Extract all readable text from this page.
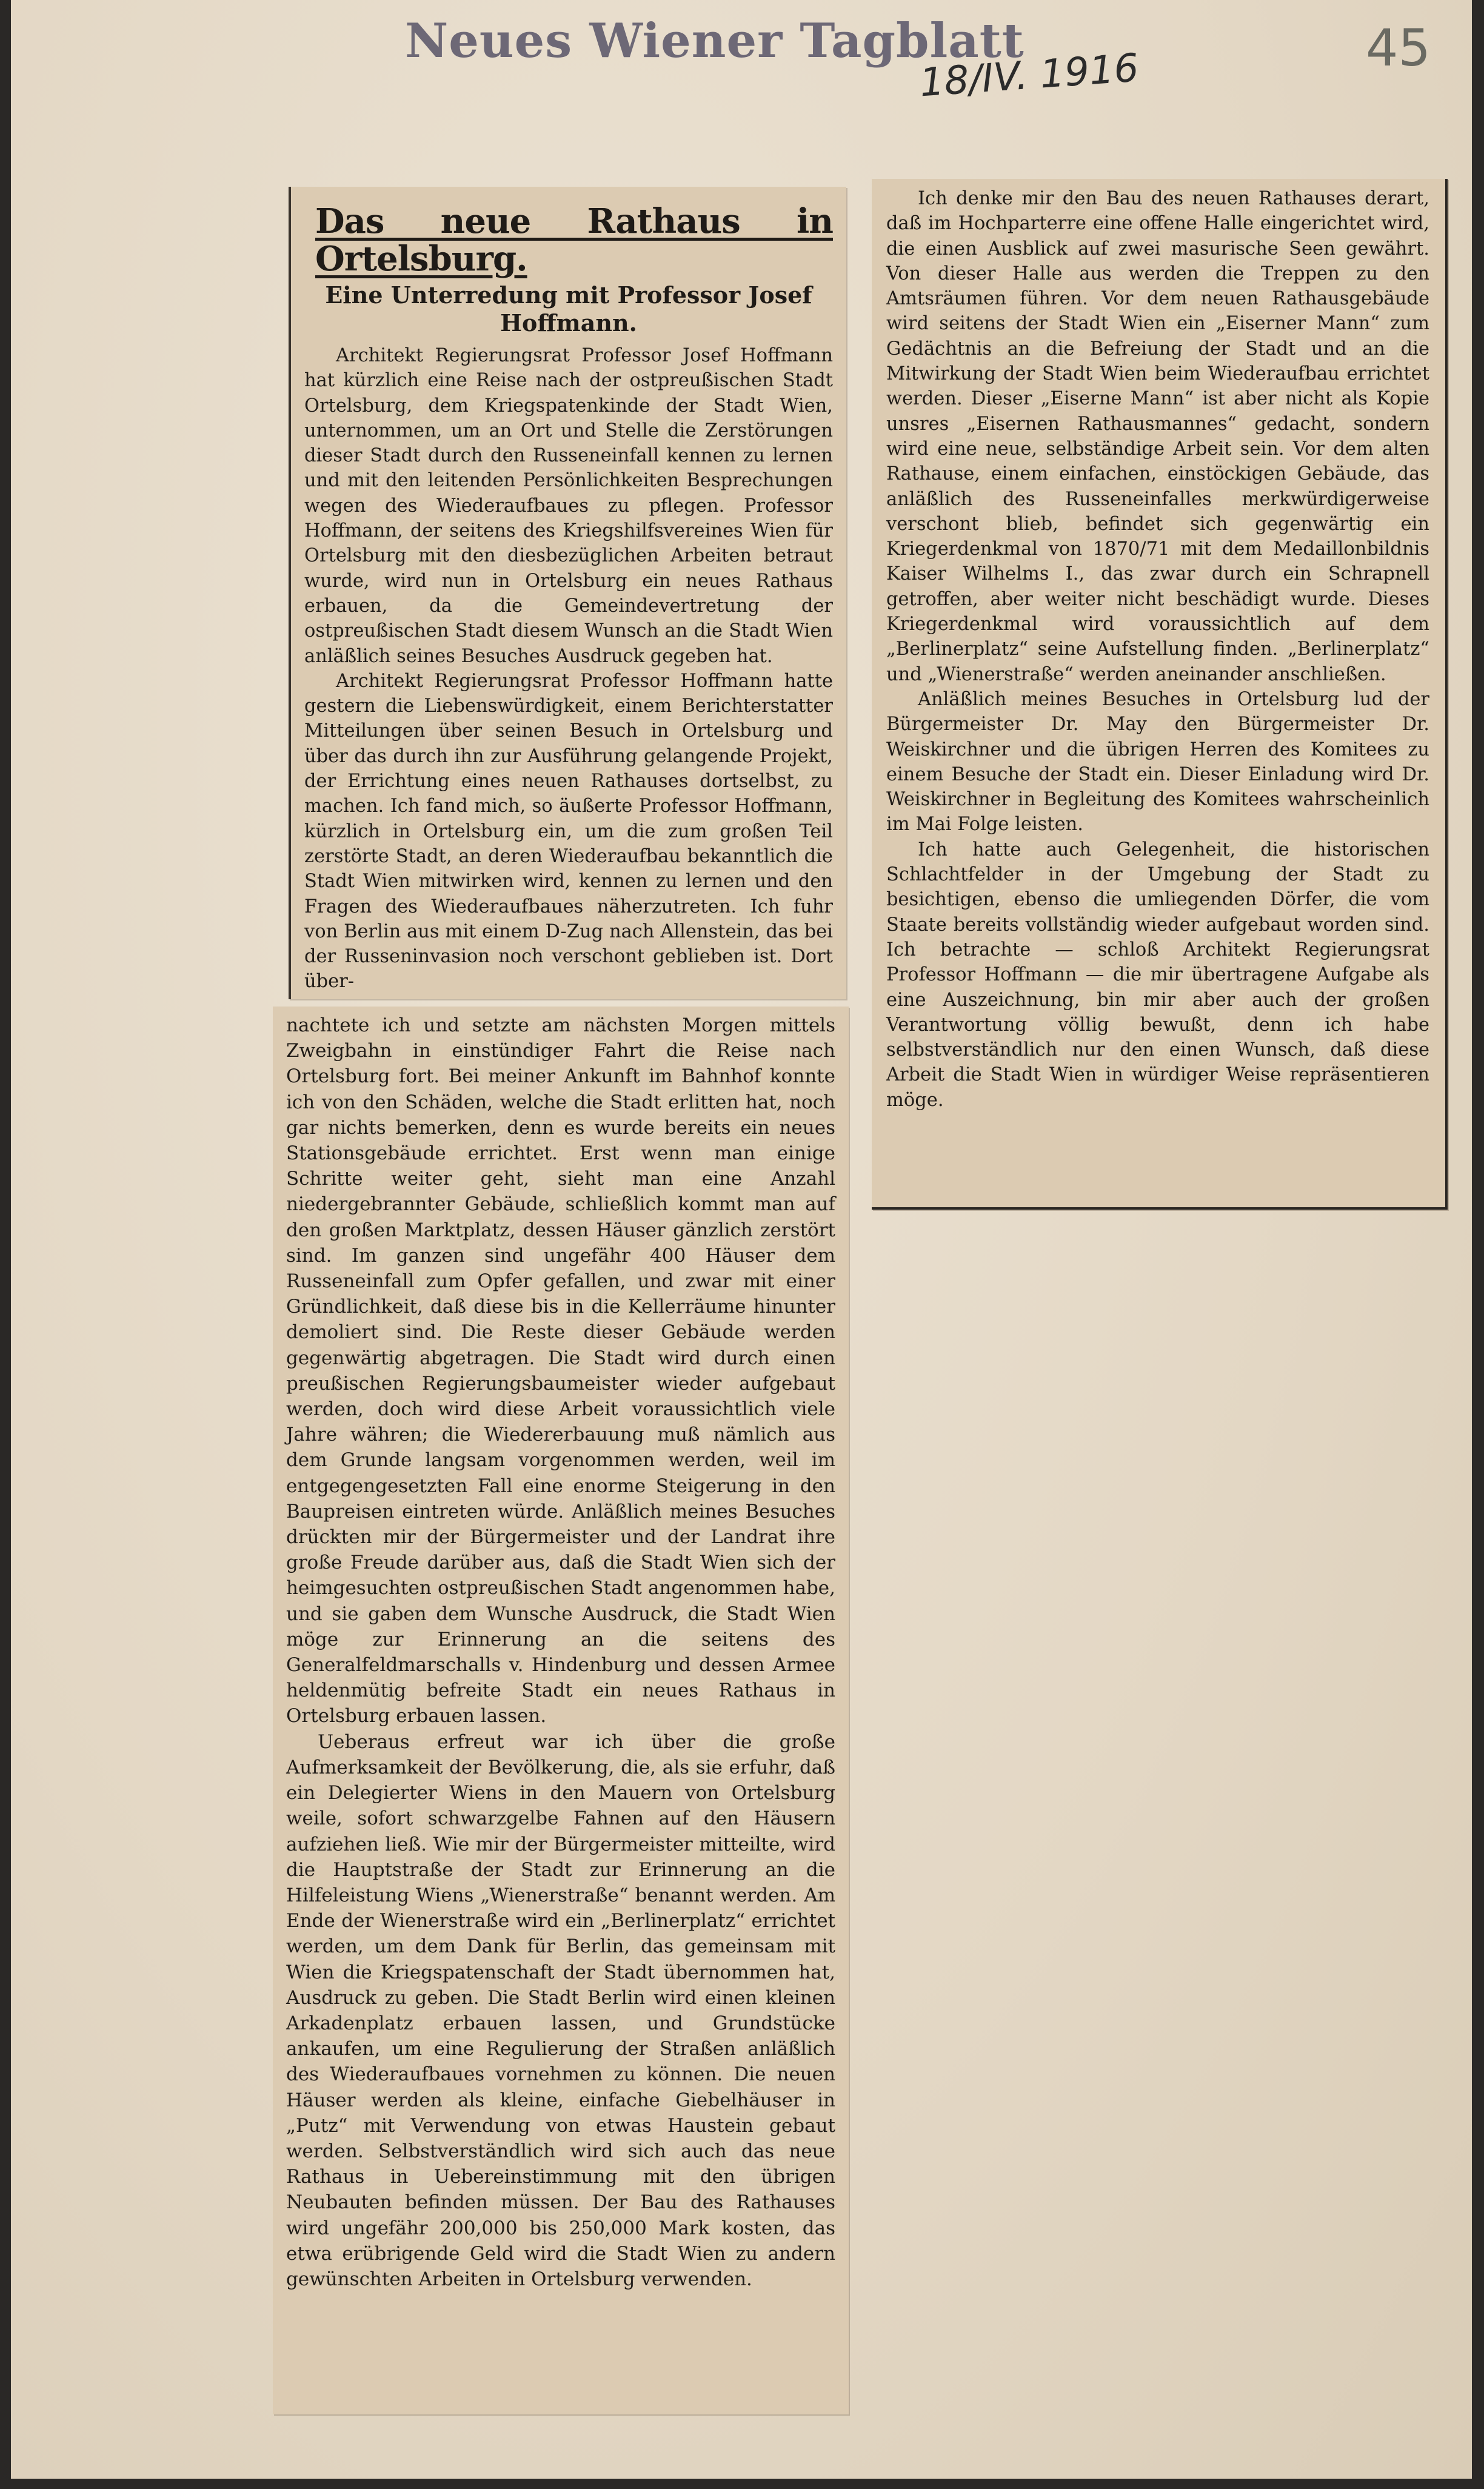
Neues Wiener Tagblatt
18/IV. 1916	45
Das neue Rathaus in Ortelsburg.
Eine Unterredung mit Professor Josef Hoffmann.

Architekt Regierungsrat Professor Josef Hoffmann hat kürzlich eine Reise nach der ostpreußischen Stadt Ortelsburg, dem Kriegspatenkinde der Stadt Wien, unternommen, um an Ort und Stelle die Zerstörungen dieser Stadt durch den Russeneinfall kennen zu lernen und mit den leitenden Persönlichkeiten Besprechungen wegen des Wiederaufbaues zu pflegen. Professor Hoffmann, der seitens des Kriegshilfsvereines Wien für Ortelsburg mit den diesbezüglichen Arbeiten betraut wurde, wird nun in Ortelsburg ein neues Rathaus erbauen, da die Gemeindevertretung der ostpreußischen Stadt diesem Wunsch an die Stadt Wien anläßlich seines Besuches Ausdruck gegeben hat.

Architekt Regierungsrat Professor Hoffmann hatte gestern die Liebenswürdigkeit, einem Berichterstatter Mitteilungen über seinen Besuch in Ortelsburg und über das durch ihn zur Ausführung gelangende Projekt, der Errichtung eines neuen Rathauses dortselbst, zu machen. Ich fand mich, so äußerte Professor Hoffmann, kürzlich in Ortelsburg ein, um die zum großen Teil zerstörte Stadt, an deren Wiederaufbau bekanntlich die Stadt Wien mitwirken wird, kennen zu lernen und den Fragen des Wiederaufbaues näherzutreten. Ich fuhr von Berlin aus mit einem D-Zug nach Allenstein, das bei der Russeninvasion noch verschont geblieben ist. Dort über-

nachtete ich und setzte am nächsten Morgen mittels Zweigbahn in einstündiger Fahrt die Reise nach Ortelsburg fort. Bei meiner Ankunft im Bahnhof konnte ich von den Schäden, welche die Stadt erlitten hat, noch gar nichts bemerken, denn es wurde bereits ein neues Stationsgebäude errichtet. Erst wenn man einige Schritte weiter geht, sieht man eine Anzahl niedergebrannter Gebäude, schließlich kommt man auf den großen Marktplatz, dessen Häuser gänzlich zerstört sind. Im ganzen sind ungefähr 400 Häuser dem Russeneinfall zum Opfer gefallen, und zwar mit einer Gründlichkeit, daß diese bis in die Kellerräume hinunter demoliert sind. Die Reste dieser Gebäude werden gegenwärtig abgetragen. Die Stadt wird durch einen preußischen Regierungsbaumeister wieder aufgebaut werden, doch wird diese Arbeit voraussichtlich viele Jahre währen; die Wiedererbauung muß nämlich aus dem Grunde langsam vorgenommen werden, weil im entgegengesetzten Fall eine enorme Steigerung in den Baupreisen eintreten würde. Anläßlich meines Besuches drückten mir der Bürgermeister und der Landrat ihre große Freude darüber aus, daß die Stadt Wien sich der heimgesuchten ostpreußischen Stadt angenommen habe, und sie gaben dem Wunsche Ausdruck, die Stadt Wien möge zur Erinnerung an die seitens des Generalfeldmarschalls v. Hindenburg und dessen Armee heldenmütig befreite Stadt ein neues Rathaus in Ortelsburg erbauen lassen.

Ueberaus erfreut war ich über die große Aufmerksamkeit der Bevölkerung, die, als sie erfuhr, daß ein Delegierter Wiens in den Mauern von Ortelsburg weile, sofort schwarzgelbe Fahnen auf den Häusern aufziehen ließ. Wie mir der Bürgermeister mitteilte, wird die Hauptstraße der Stadt zur Erinnerung an die Hilfeleistung Wiens „Wienerstraße“ benannt werden. Am Ende der Wienerstraße wird ein „Berlinerplatz“ errichtet werden, um dem Dank für Berlin, das gemeinsam mit Wien die Kriegspatenschaft der Stadt übernommen hat, Ausdruck zu geben. Die Stadt Berlin wird einen kleinen Arkadenplatz erbauen lassen, und Grundstücke ankaufen, um eine Regulierung der Straßen anläßlich des Wiederaufbaues vornehmen zu können. Die neuen Häuser werden als kleine, einfache Giebelhäuser in „Putz“ mit Verwendung von etwas Haustein gebaut werden. Selbstverständlich wird sich auch das neue Rathaus in Uebereinstimmung mit den übrigen Neubauten befinden müssen. Der Bau des Rathauses wird ungefähr 200,000 bis 250,000 Mark kosten, das etwa erübrigende Geld wird die Stadt Wien zu andern gewünschten Arbeiten in Ortelsburg verwenden.

Ich denke mir den Bau des neuen Rathauses derart, daß im Hochparterre eine offene Halle eingerichtet wird, die einen Ausblick auf zwei masurische Seen gewährt. Von dieser Halle aus werden die Treppen zu den Amtsräumen führen. Vor dem neuen Rathausgebäude wird seitens der Stadt Wien ein „Eiserner Mann“ zum Gedächtnis an die Befreiung der Stadt und an die Mitwirkung der Stadt Wien beim Wiederaufbau errichtet werden. Dieser „Eiserne Mann“ ist aber nicht als Kopie unsres „Eisernen Rathausmannes“ gedacht, sondern wird eine neue, selbständige Arbeit sein. Vor dem alten Rathause, einem einfachen, einstöckigen Gebäude, das anläßlich des Russeneinfalles merkwürdigerweise verschont blieb, befindet sich gegenwärtig ein Kriegerdenkmal von 1870/71 mit dem Medaillonbildnis Kaiser Wilhelms I., das zwar durch ein Schrapnell getroffen, aber weiter nicht beschädigt wurde. Dieses Kriegerdenkmal wird voraussichtlich auf dem „Berlinerplatz“ seine Aufstellung finden. „Berlinerplatz“ und „Wienerstraße“ werden aneinander anschließen.

Anläßlich meines Besuches in Ortelsburg lud der Bürgermeister Dr. May den Bürgermeister Dr. Weiskirchner und die übrigen Herren des Komitees zu einem Besuche der Stadt ein. Dieser Einladung wird Dr. Weiskirchner in Begleitung des Komitees wahrscheinlich im Mai Folge leisten.

Ich hatte auch Gelegenheit, die historischen Schlachtfelder in der Umgebung der Stadt zu besichtigen, ebenso die umliegenden Dörfer, die vom Staate bereits vollständig wieder aufgebaut worden sind. Ich betrachte — schloß Architekt Regierungsrat Professor Hoffmann — die mir übertragene Aufgabe als eine Auszeichnung, bin mir aber auch der großen Verantwortung völlig bewußt, denn ich habe selbstverständlich nur den einen Wunsch, daß diese Arbeit die Stadt Wien in würdiger Weise repräsentieren möge.
